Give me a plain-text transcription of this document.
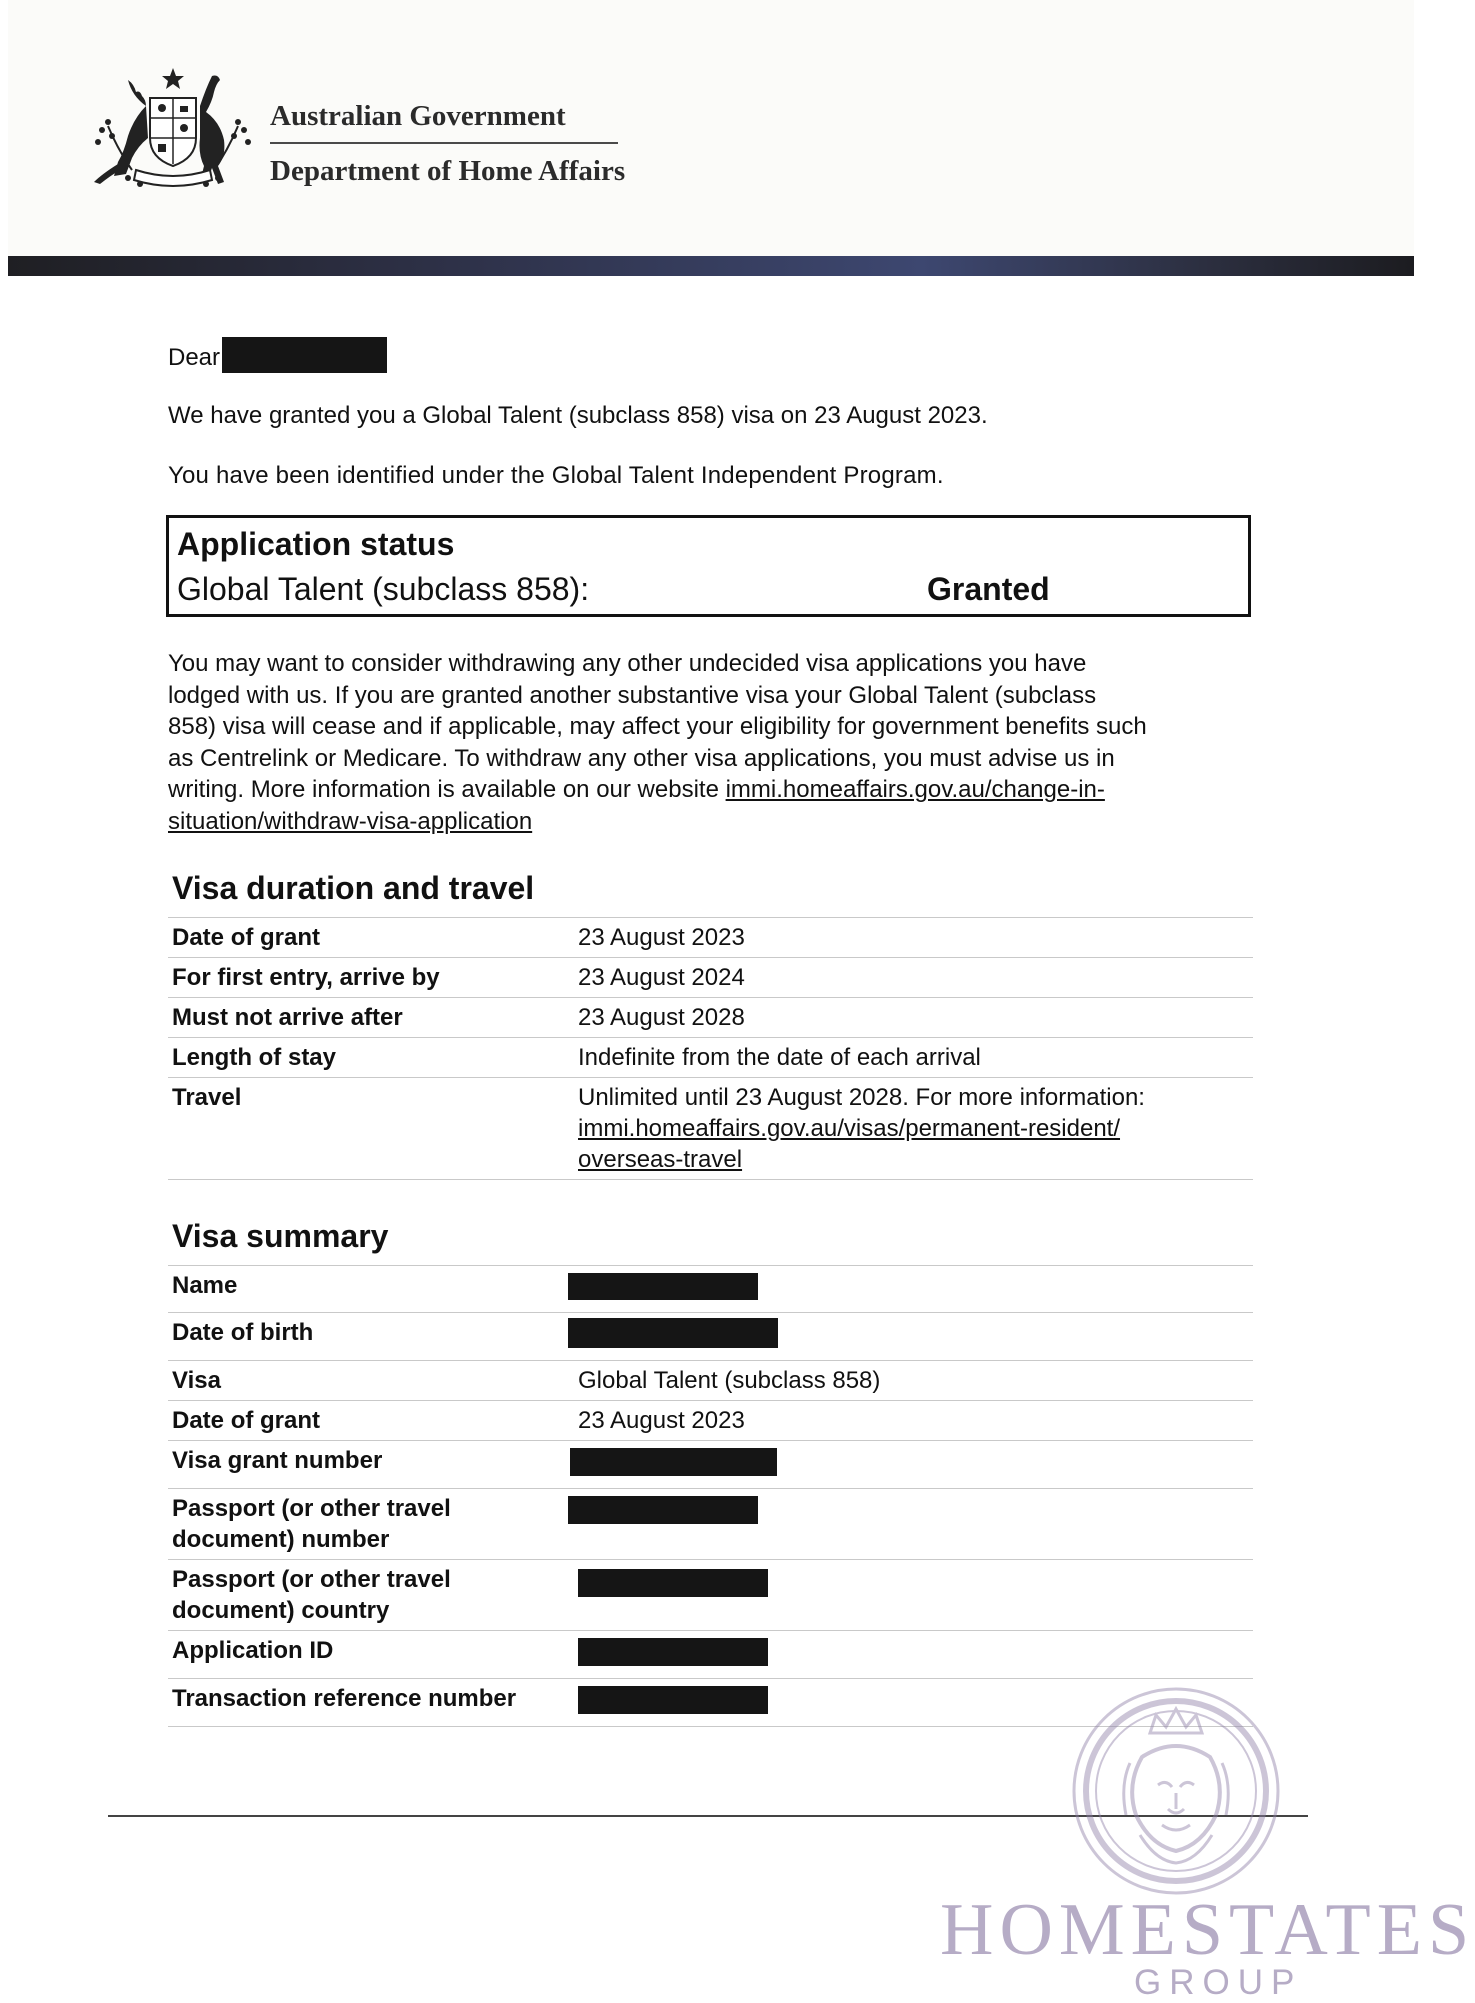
Australian Government
Department of Home Affairs
Dear
We have granted you a Global Talent (subclass 858) visa on 23 August 2023.
You have been identified under the Global Talent Independent Program.
Application status
Global Talent (subclass 858):	Granted
You may want to consider withdrawing any other undecided visa applications you have
lodged with us. If you are granted another substantive visa your Global Talent (subclass
858) visa will cease and if applicable, may affect your eligibility for government benefits such
as Centrelink or Medicare. To withdraw any other visa applications, you must advise us in
writing. More information is available on our website immi.homeaffairs.gov.au/change-in-
situation/withdraw-visa-application
Visa duration and travel
Date of grant	23 August 2023
For first entry, arrive by	23 August 2024
Must not arrive after	23 August 2028
Length of stay	Indefinite from the date of each arrival
Travel	Unlimited until 23 August 2028. For more information:
immi.homeaffairs.gov.au/visas/permanent-resident/
overseas-travel
Visa summary
Name	
Date of birth	
Visa	Global Talent (subclass 858)
Date of grant	23 August 2023
Visa grant number	

Passport (or other travel
document) number	

Passport (or other travel
document) country	

Application ID	
Transaction reference number	
HOMESTATES
GROUP
